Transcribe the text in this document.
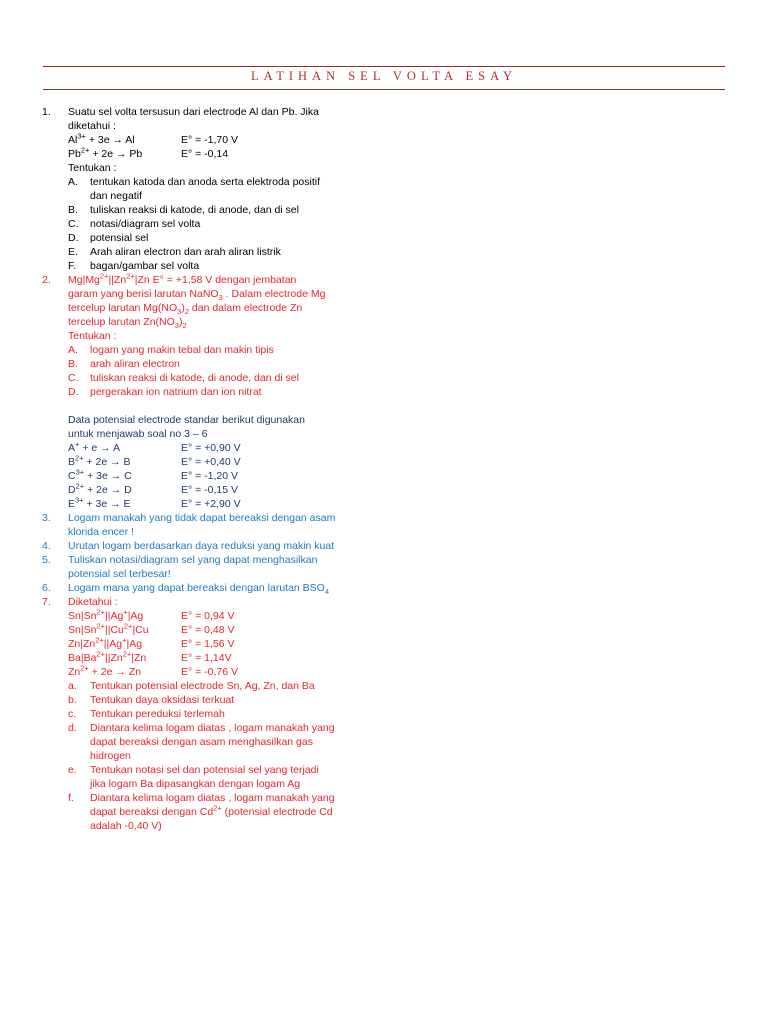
LATIHAN SEL VOLTA ESAY
1.	Suatu sel volta tersusun dari electrode Al dan Pb. Jika
diketahui :
$Al^{3+} + 3e \to Al$	E° = -1,70 V
$Pb^{2+} + 2e \to Pb$	E° = -0,14
Tentukan :
A.	tentukan katoda dan anoda serta elektroda positif
dan negatif
B.	tuliskan reaksi di katode, di anode, dan di sel
C.	notasi/diagram sel volta
D.	potensial sel
E.	Arah aliran electron dan arah aliran listrik
F.	bagan/gambar sel volta
2.	$Mg|Mg^{2+}||Zn^{2+}|Zn$ E° = +1,58 V dengan jembatan
garam yang berisi larutan NaNO$_3$ . Dalam electrode Mg
tercelup larutan $Mg(NO_3)_2$ dan dalam electrode Zn
tercelup larutan $Zn(NO_3)_2$
Tentukan :
A.	logam yang makin tebal dan makin tipis
B.	arah aliran electron
C.	tuliskan reaksi di katode, di anode, dan di sel
D.	pergerakan ion natrium dan ion nitrat
Data potensial electrode standar berikut digunakan
untuk menjawab soal no 3 – 6
A+ + e → A	E° = +0,90 V
$B^{2+} + 2e \to B$	E° = +0,40 V
$C^{3+} + 3e \to C$	E° = -1,20 V
$D^{2+} + 2e \to D$	E° = -0,15 V
$E^{3+} + 3e \to E$	E° = +2,90 V
3.	Logam manakah yang tidak dapat bereaksi dengan asam
klorida encer !
4.	Urutan logam berdasarkan daya reduksi yang makin kuat
5.	Tuliskan notasi/diagram sel yang dapat menghasilkan
potensial sel terbesar!
6.	Logam mana yang dapat bereaksi dengan larutan $BSO_4$
7.	Diketahui :
$Sn|Sn^{2+}||Ag^+|Ag$	E° = 0,94 V
$Sn|Sn^{2+}||Cu^{2+}|Cu$	E° = 0,48 V
$Zn|Zn^{2+}||Ag^+|Ag$	E° = 1,56 V
$Ba|Ba^{2+}||Zn^{2+}|Zn$	E° = 1,14V
$Zn^{2+} + 2e \to Zn$	E° = -0,76 V
a.	Tentukan potensial electrode Sn, Ag, Zn, dan Ba
b.	Tentukan daya oksidasi terkuat
c.	Tentukan pereduksi terlemah
d.	Diantara kelima logam diatas , logam manakah yang
dapat bereaksi dengan asam menghasilkan gas
hidrogen
e.	Tentukan notasi sel dan potensial sel yang terjadi
jika logam Ba dipasangkan dengan logam Ag
f.	Diantara kelima logam diatas , logam manakah yang
dapat bereaksi dengan $Cd^{2+}$ (potensial electrode Cd
adalah -0,40 V)
